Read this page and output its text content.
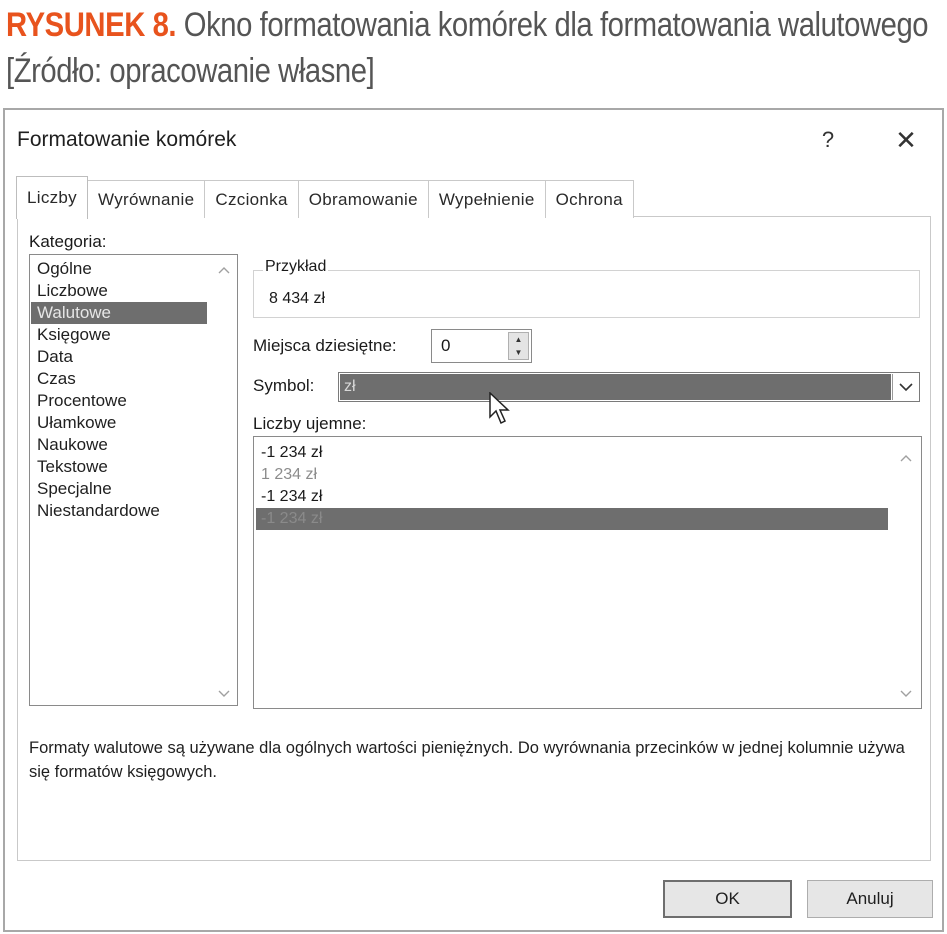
RYSUNEK 8. Okno formatowania komórek dla formatowania walutowego [Źródło: opracowanie własne]
Formatowanie komórek	?	✕
Liczby	Wyrównanie	Czcionka	Obramowanie	Wypełnienie	Ochrona
Kategoria:
Ogólne
Liczbowe
Walutowe
Księgowe
Data
Czas
Procentowe
Ułamkowe
Naukowe
Tekstowe
Specjalne
Niestandardowe
Przykład
8 434 zł
Miejsca dziesiętne:	0	▲
▼
Symbol: zł
Liczby ujemne:
-1 234 zł
1 234 zł
-1 234 zł
-1 234 zł
Formaty walutowe są używane dla ogólnych wartości pieniężnych. Do wyrównania przecinków w jednej kolumnie używa się formatów księgowych.
OK	Anuluj
